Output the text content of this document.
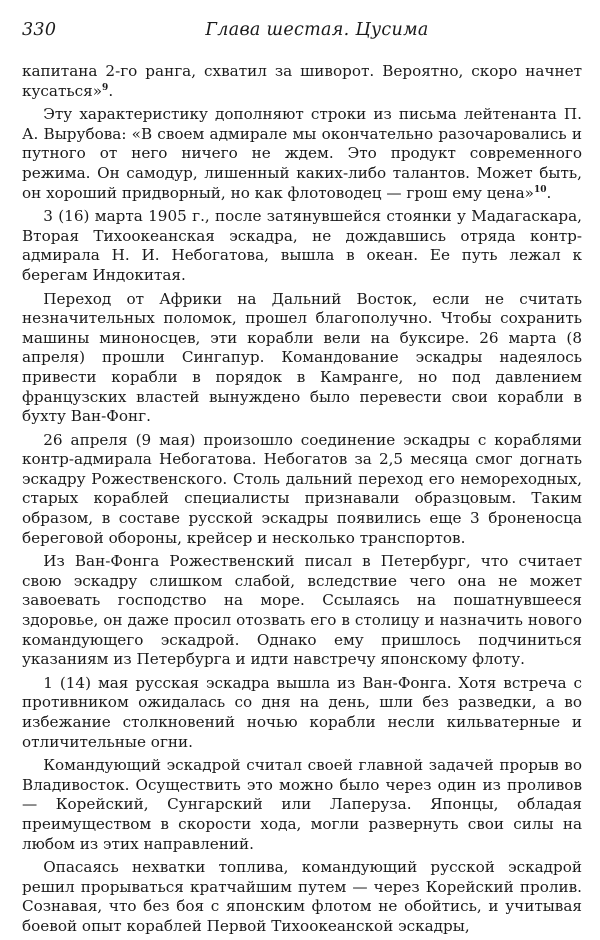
330	Глава шестая. Цусима

капитана 2-го ранга, схватил за шиворот. Вероятно, скоро начнет кусаться»$^9$.

Эту характеристику дополняют строки из письма лейтенанта П. А. Вырубова: «В своем адмирале мы окончательно разочаровались и путного от него ничего не ждем. Это продукт современного режима. Он самодур, лишенный каких-либо талантов. Может быть, он хороший придворный, но как флотоводец — грош ему цена»$^{10}$.

3 (16) марта 1905 г., после затянувшейся стоянки у Мадагаскара, Вторая Тихоокеанская эскадра, не дождавшись отряда контр-адмирала Н. И. Небогатова, вышла в океан. Ее путь лежал к берегам Индокитая.

Переход от Африки на Дальний Восток, если не считать незначительных поломок, прошел благополучно. Чтобы сохранить машины миноносцев, эти корабли вели на буксире. 26 марта (8 апреля) прошли Сингапур. Командование эскадры надеялось привести корабли в порядок в Камранге, но под давлением французских властей вынуждено было перевести свои корабли в бухту Ван-Фонг.

26 апреля (9 мая) произошло соединение эскадры с кораблями контр-адмирала Небогатова. Небогатов за 2,5 месяца смог догнать эскадру Рожественского. Столь дальний переход его немореходных, старых кораблей специалисты признавали образцовым. Таким образом, в составе русской эскадры появились еще 3 броненосца береговой обороны, крейсер и несколько транспортов.

Из Ван-Фонга Рожественский писал в Петербург, что считает свою эскадру слишком слабой, вследствие чего она не может завоевать господство на море. Ссылаясь на пошатнувшееся здоровье, он даже просил отозвать его в столицу и назначить нового командующего эскадрой. Однако ему пришлось подчиниться указаниям из Петербурга и идти навстречу японскому флоту.

1 (14) мая русская эскадра вышла из Ван-Фонга. Хотя встреча с противником ожидалась со дня на день, шли без разведки, а во избежание столкновений ночью корабли несли кильватерные и отличительные огни.

Командующий эскадрой считал своей главной задачей прорыв во Владивосток. Осуществить это можно было через один из проливов — Корейский, Сунгарский или Лаперуза. Японцы, обладая преимуществом в скорости хода, могли развернуть свои силы на любом из этих направлений.

Опасаясь нехватки топлива, командующий русской эскадрой решил прорываться кратчайшим путем — через Корейский пролив. Сознавая, что без боя с японским флотом не обойтись, и учитывая боевой опыт кораблей Первой Тихоокеанской эскадры,
